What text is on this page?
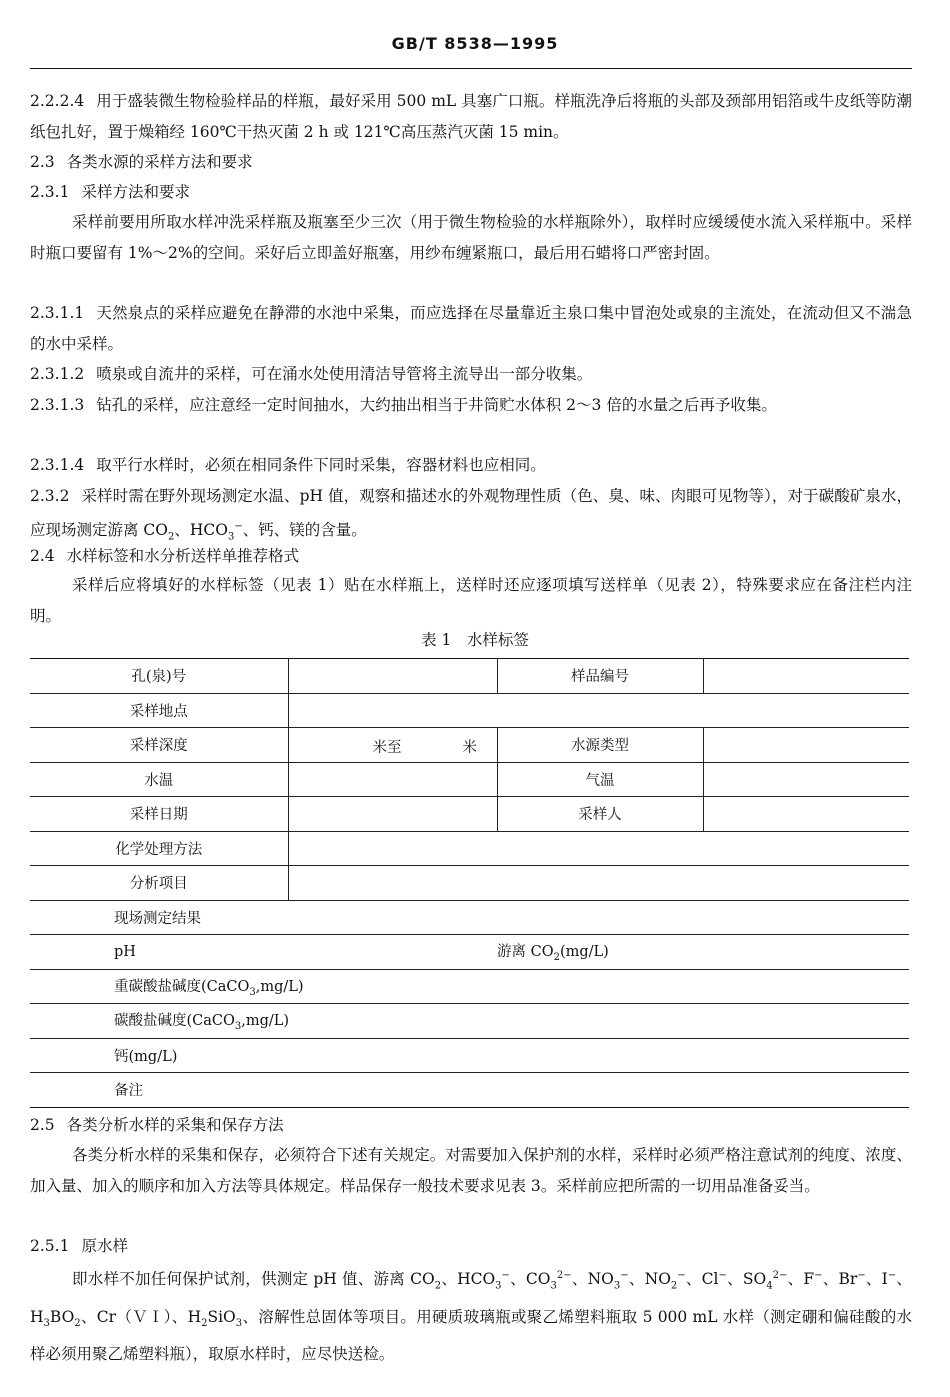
GB/T 8538—1995
2.2.2.4 用于盛装微生物检验样品的样瓶，最好采用 500 mL 具塞广口瓶。样瓶洗净后将瓶的头部及颈部用铝箔或牛皮纸等防潮纸包扎好，置于燥箱经 160℃干热灭菌 2 h 或 121℃高压蒸汽灭菌 15 min。
2.3 各类水源的采样方法和要求
2.3.1 采样方法和要求
采样前要用所取水样冲洗采样瓶及瓶塞至少三次（用于微生物检验的水样瓶除外），取样时应缓缓使水流入采样瓶中。采样时瓶口要留有 1%～2%的空间。采好后立即盖好瓶塞，用纱布缠紧瓶口，最后用石蜡将口严密封固。
2.3.1.1 天然泉点的采样应避免在静滞的水池中采集，而应选择在尽量靠近主泉口集中冒泡处或泉的主流处，在流动但又不湍急的水中采样。
2.3.1.2 喷泉或自流井的采样，可在涌水处使用清洁导管将主流导出一部分收集。
2.3.1.3 钻孔的采样，应注意经一定时间抽水，大约抽出相当于井筒贮水体积 2～3 倍的水量之后再予收集。
2.3.1.4 取平行水样时，必须在相同条件下同时采集，容器材料也应相同。
2.3.2 采样时需在野外现场测定水温、pH 值，观察和描述水的外观物理性质（色、臭、味、肉眼可见物等），对于碳酸矿泉水，应现场测定游离 $CO_2$、$HCO_3^-$、钙、镁的含量。
2.4 水样标签和水分析送样单推荐格式
采样后应将填好的水样标签（见表 1）贴在水样瓶上，送样时还应逐项填写送样单（见表 2），特殊要求应在备注栏内注明。
表 1　水样标签
孔(泉)号		样品编号	
采样地点			
采样深度	米至 米	水源类型	
水温		气温	
采样日期		采样人	
化学处理方法			
分析项目			
现场测定结果			
pH		游离 $CO_2(mg/L)$	
重碳酸盐碱度(CaCO$_3$,mg/L)			
碳酸盐碱度(CaCO$_3$,mg/L)			
钙(mg/L)			
备注			
2.5 各类分析水样的采集和保存方法
各类分析水样的采集和保存，必须符合下述有关规定。对需要加入保护剂的水样，采样时必须严格注意试剂的纯度、浓度、加入量、加入的顺序和加入方法等具体规定。样品保存一般技术要求见表 3。采样前应把所需的一切用品准备妥当。
2.5.1 原水样
即水样不加任何保护试剂，供测定 pH 值、游离 $CO_2$、$HCO_3^-$、$CO_3^{2-}$、$NO_3^-$、$NO_2^-$、Cl−、$SO_4^{2-}$、F−、Br−、I−、$H_3BO_2$、Cr（ＶＩ）、$H_2SiO_3$、溶解性总固体等项目。用硬质玻璃瓶或聚乙烯塑料瓶取 5 000 mL 水样（测定硼和偏硅酸的水样必须用聚乙烯塑料瓶），取原水样时，应尽快送检。
